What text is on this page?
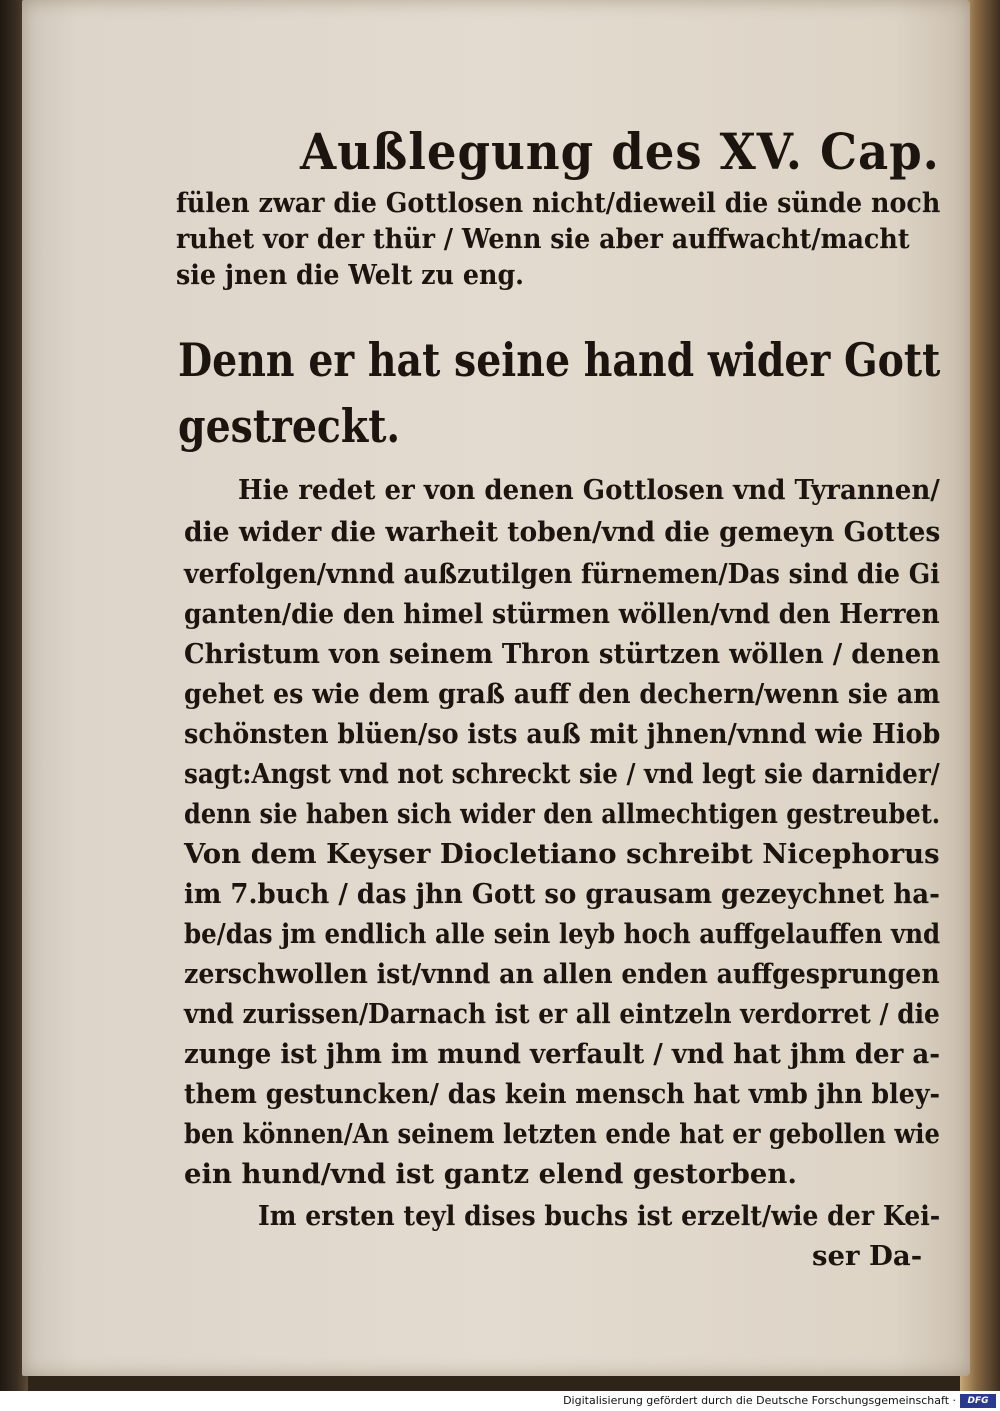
Außlegung des XV. Cap.
fülen zwar die Gottlosen nicht/dieweil die sünde noch
ruhet vor der thür / Wenn sie aber auffwacht/macht
sie jnen die Welt zu eng.
Denn er hat seine hand wider Gott
gestreckt.
Hie redet er von denen Gottlosen vnd Tyrannen/
die wider die warheit toben/vnd die gemeyn Gottes
verfolgen/vnnd außzutilgen fürnemen/Das sind die Gi
ganten/die den himel stürmen wöllen/vnd den Herren
Christum von seinem Thron stürtzen wöllen / denen
gehet es wie dem graß auff den dechern/wenn sie am
schönsten blüen/so ists auß mit jhnen/vnnd wie Hiob
sagt:Angst vnd not schreckt sie / vnd legt sie darnider/
denn sie haben sich wider den allmechtigen gestreubet.
Von dem Keyser Diocletiano schreibt Nicephorus
im 7.buch / das jhn Gott so grausam gezeychnet ha-
be/das jm endlich alle sein leyb hoch auffgelauffen vnd
zerschwollen ist/vnnd an allen enden auffgesprungen
vnd zurissen/Darnach ist er all eintzeln verdorret / die
zunge ist jhm im mund verfault / vnd hat jhm der a-
them gestuncken/ das kein mensch hat vmb jhn bley-
ben können/An seinem letzten ende hat er gebollen wie
ein hund/vnd ist gantz elend gestorben.
Im ersten teyl dises buchs ist erzelt/wie der Kei-
ser Da-
Digitalisierung gefördert durch die Deutsche Forschungsgemeinschaft ·	DFG
